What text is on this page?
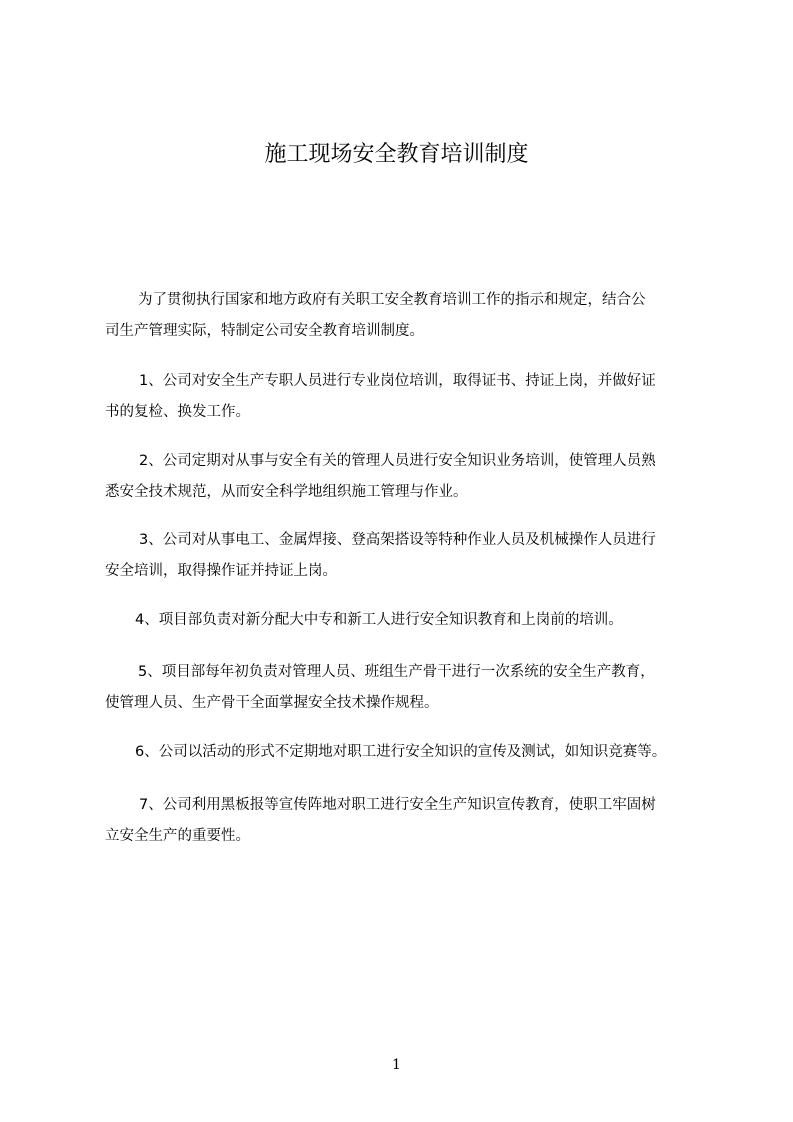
施工现场安全教育培训制度
为了贯彻执行国家和地方政府有关职工安全教育培训工作的指示和规定，结合公
司生产管理实际，特制定公司安全教育培训制度。
1、公司对安全生产专职人员进行专业岗位培训，取得证书、持证上岗，并做好证
书的复检、换发工作。
2、公司定期对从事与安全有关的管理人员进行安全知识业务培训，使管理人员熟
悉安全技术规范，从而安全科学地组织施工管理与作业。
3、公司对从事电工、金属焊接、登高架搭设等特种作业人员及机械操作人员进行
安全培训，取得操作证并持证上岗。
4、项目部负责对新分配大中专和新工人进行安全知识教育和上岗前的培训。
5、项目部每年初负责对管理人员、班组生产骨干进行一次系统的安全生产教育，
使管理人员、生产骨干全面掌握安全技术操作规程。
6、公司以活动的形式不定期地对职工进行安全知识的宣传及测试，如知识竞赛等。
7、公司利用黑板报等宣传阵地对职工进行安全生产知识宣传教育，使职工牢固树
立安全生产的重要性。
1
